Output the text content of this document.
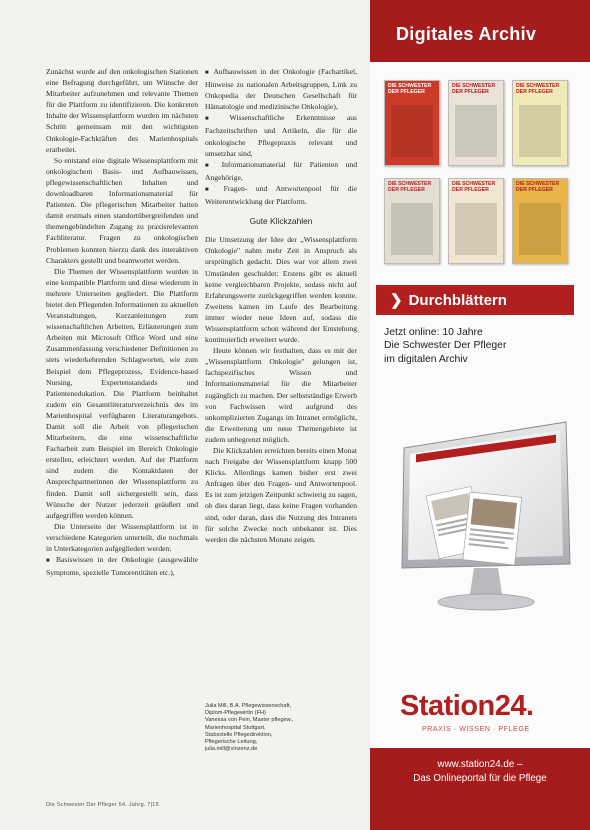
Zunächst wurde auf den onkologischen Stationen eine Befragung durchgeführt, um Wünsche der Mitarbeiter aufzunehmen und relevante Themen für die Plattform zu identifizieren. Die konkreten Inhalte der Wissensplattform wurden im nächsten Schritt gemeinsam mit den wichtigsten Onkologie-Fachkräften des Marienhospitals erarbeitet.

So entstand eine digitale Wissensplattform mit onkologischem Basis- und Aufbauwissen, pflegewissenschaftlichen Inhalten und downloadbaren Informationsmaterial für Patienten. Die pflegerischen Mitarbeiter hatten damit erstmals einen standortübergreifenden und themengebündelten Zugang zu praxisrelevanten Fachliteratur. Fragen zu onkologischen Problemen konnten hierzu dank des interaktiven Charakters gestellt und beantwortet werden.

Die Themen der Wissensplattform wurden in eine kompatible Plattform und diese wiederum in mehrere Unterseiten gegliedert. Die Plattform bietet den Pflegenden Informationen zu aktuellen Veranstaltungen, Kurzanleitungen zum wissenschaftlichen Arbeiten, Erläuterungen zum Arbeiten mit Microsoft Office Word und eine Zusammenfassung verschiedener Definitionen zu stets wiederkehrenden Schlagworten, wie zum Beispiel dem Pflegeprozess, Evidence-based Nursing, Expertenstandards und Patientenedukation. Die Plattform beinhaltet zudem ein Gesamtliteraturverzeichnis des im Marienhospital verfügbaren Literaturangebots. Damit soll die Arbeit von pflegerischen Mitarbeitern, die eine wissenschaftliche Facharbeit zum Beispiel im Bereich Onkologie erstellen, erleichtert werden. Auf der Plattform sind zudem die Kontaktdaten der Ansprechpartnerinnen der Wissensplattform zu finden. Damit soll sichergestellt sein, dass Wünsche der Nutzer jederzeit geäußert und aufgegriffen werden können.

Die Unterseite der Wissensplattform ist in verschiedene Kategorien unterteilt, die nochmals in Unterkategorien aufgegliedert werden:

■ Basiswissen in der Onkologie (ausgewählte Symptome, spezielle Tumorentitäten etc.),

■ Aufbauwissen in der Onkologie (Fachartikel, Hinweise zu nationalen Arbeitsgruppen, Link zu Onkopedia der Deutschen Gesellschaft für Hämatologie und medizinische Onkologie),

■ Wissenschaftliche Erkenntnisse aus Fachzeitschriften und Artikeln, die für die onkologische Pflegepraxis relevant und umsetzbar sind,

■ Informationsmaterial für Patienten und Angehörige,

■ Fragen- und Antwortenpool für die Weiterentwicklung der Plattform.

Gute Klickzahlen

Die Umsetzung der Idee der „Wissensplattform Onkologie" nahm mehr Zeit in Anspruch als ursprünglich gedacht. Dies war vor allem zwei Umständen geschuldet: Erstens gibt es aktuell keine vergleichbaren Projekte, sodass nicht auf Erfahrungswerte zurückgegriffen werden konnte. Zweitens kamen im Laufe des Bearbeitung immer wieder neue Ideen auf, sodass die Wissensplattform schon während der Entstehung kontinuierlich erweitert wurde.

Heute können wir festhalten, dass es mit der „Wissensplattform Onkologie" gelungen ist, fachspezifisches Wissen und Informationsmaterial für die Mitarbeiter zugänglich zu machen. Der selbstständige Erwerb von Fachwissen wird aufgrund des unkomplizierten Zugangs im Intranet ermöglicht, die Erweiterung um neue Themengebiete ist zudem unbegrenzt möglich.

Die Klickzahlen erreichten bereits einen Monat nach Freigabe der Wissensplattform knapp 500 Klicks. Allerdings kamen bisher erst zwei Anfragen über den Fragen- und Antwortenpool. Es ist zum jetzigen Zeitpunkt schwierig zu sagen, ob dies daran liegt, dass keine Fragen vorhanden sind, oder daran, dass die Nutzung des Intranets für solche Zwecke noch unbekannt ist. Dies werden die nächsten Monate zeigen.

Julia Mill, B.A. Pflegewissenschaft,

Diplom-Pflegewirtin (FH)

Vanessa von Pein, Master pflegew.,

Marienhospital Stuttgart,

Stabsstelle Pflegedirektion,

Pflegerische Leitung,

julia.mill@vinzenz.de

Die Schwester Der Pfleger 54. Jahrg. 7|15
Digitales Archiv
DIE SCHWESTER DER PFLEGER
DIE SCHWESTER DER PFLEGER
DIE SCHWESTER DER PFLEGER
DIE SCHWESTER DER PFLEGER
DIE SCHWESTER DER PFLEGER
DIE SCHWESTER DER PFLEGER
❯ Durchblättern
Jetzt online: 10 Jahre
Die Schwester Der Pfleger
im digitalen Archiv
Station24.
PRAXIS · WISSEN · PFLEGE
www.station24.de –
Das Onlineportal für die Pflege
